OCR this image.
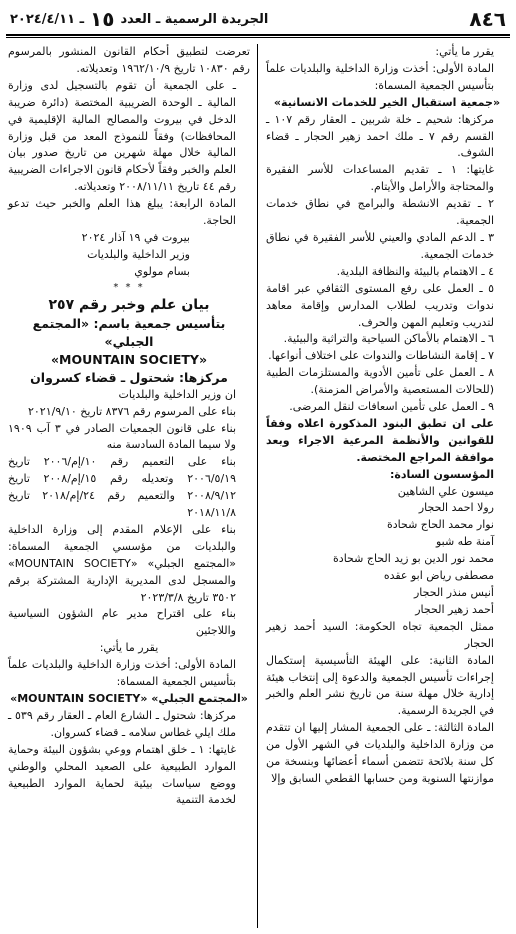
٨٤٦
الجريدة الرسمية ـ العدد
١٥
ـ ٢٠٢٤/٤/١١

يقرر ما يأتي:

المادة الأولى: أخذت وزارة الداخلية والبلديات علماً بتأسيس الجمعية المسماة:

«جمعية استقبال الخير للخدمات الانسانية»

مركزها: شحيم ـ خلة شربين ـ العقار رقم ١٠٧ ـ القسم رقم ٧ ـ ملك احمد زهير الحجار ـ قضاء الشوف.

غايتها: ١ ـ تقديم المساعدات للأسر الفقيرة والمحتاجة والأرامل والأيتام.

٢ ـ تقديم الانشطة والبرامج في نطاق خدمات الجمعية.

٣ ـ الدعم المادي والعيني للأسر الفقيرة في نطاق خدمات الجمعية.

٤ ـ الاهتمام بالبيئة والنظافة البلدية.

٥ ـ العمل على رفع المستوى الثقافي عبر اقامة ندوات وتدريب لطلاب المدارس وإقامة معاهد لتدريب وتعليم المهن والحرف.

٦ ـ الاهتمام بالأماكن السياحية والتراثية والبيئية.

٧ ـ إقامة النشاطات والندوات على اختلاف أنواعها.

٨ ـ العمل على تأمين الأدوية والمستلزمات الطبية (للحالات المستعصية والأمراض المزمنة).

٩ ـ العمل على تأمين اسعافات لنقل المرضى.

على ان تطبق البنود المذكورة اعلاه وفقاً للقوانين والأنظمة المرعية الاجراء وبعد موافقة المراجع المختصة.

المؤسسون السادة:

ميسون علي الشاهين

رولا احمد الحجار

نوار محمد الحاج شحادة

آمنة طه شبو

محمد نور الدين بو زيد الحاج شحادة

مصطفى رياض ابو عقده

أنيس منذر الحجار

أحمد زهير الحجار

ممثل الجمعية تجاه الحكومة: السيد أحمد زهير الحجار

المادة الثانية: على الهيئة التأسيسية إستكمال إجراءات تأسيس الجمعية والدعوة إلى إنتخاب هيئة إدارية خلال مهلة سنة من تاريخ نشر العلم والخبر في الجريدة الرسمية.

المادة الثالثة: ـ على الجمعية المشار إليها ان تتقدم من وزارة الداخلية والبلديات في الشهر الأول من كل سنة بلائحة تتضمن أسماء أعضائها وبنسخة من موازنتها السنوية ومن حسابها القطعي السابق وإلا

تعرضت لتطبيق أحكام القانون المنشور بالمرسوم رقم ١٠٨٣٠ تاريخ ١٩٦٢/١٠/٩ وتعديلاته.

ـ على الجمعية أن تقوم بالتسجيل لدى وزارة المالية ـ الوحدة الضريبية المختصة (دائرة ضريبة الدخل في بيروت والمصالح المالية الإقليمية في المحافظات) وفقاً للنموذج المعد من قبل وزارة المالية خلال مهلة شهرين من تاريخ صدور بيان العلم والخبر وفقاً لأحكام قانون الاجراءات الضريبية رقم ٤٤ تاريخ ٢٠٠٨/١١/١١ وتعديلاته.

المادة الرابعة: يبلغ هذا العلم والخبر حيث تدعو الحاجة.

بيروت في ١٩ آذار ٢٠٢٤

وزير الداخلية والبلديات

بسام مولوي

* * *

بيان علم وخبر رقم ٢٥٧

بتأسيس جمعية باسم: «المجتمع الجبلي»

«MOUNTAIN SOCIETY»

مركزها: شحتول ـ قضاء كسروان

ان وزير الداخلية والبلديات

بناء على المرسوم رقم ٨٣٧٦ تاريخ ٢٠٢١/٩/١٠

بناء على قانون الجمعيات الصادر في ٣ آب ١٩٠٩ ولا سيما المادة السادسة منه

بناء على التعميم رقم ١٠/إم/٢٠٠٦ تاريخ ٢٠٠٦/٥/١٩ وتعديله رقم ١٥/إم/٢٠٠٨ تاريخ ٢٠٠٨/٩/١٢ والتعميم رقم ٢٤/إم/٢٠١٨ تاريخ ٢٠١٨/١١/٨

بناء على الإعلام المقدم إلى وزارة الداخلية والبلديات من مؤسسي الجمعية المسماة: «المجتمع الجبلي» «MOUNTAIN SOCIETY» والمسجل لدى المديرية الإدارية المشتركة برقم ٣٥٠٢ تاريخ ٢٠٢٣/٣/٨

بناء على اقتراح مدير عام الشؤون السياسية واللاجئين

يقرر ما يأتي:

المادة الأولى: أخذت وزارة الداخلية والبلديات علماً بتأسيس الجمعية المسماة:

«المجتمع الجبلي» «MOUNTAIN SOCIETY»

مركزها: شحتول ـ الشارع العام ـ العقار رقم ٥٣٩ ـ ملك ايلي غطاس سلامه ـ قضاء كسروان.

غايتها: ١ ـ خلق اهتمام ووعي بشؤون البيئة وحماية الموارد الطبيعية على الصعيد المحلي والوطني ووضع سياسات بيئية لحماية الموارد الطبيعية لخدمة التنمية
